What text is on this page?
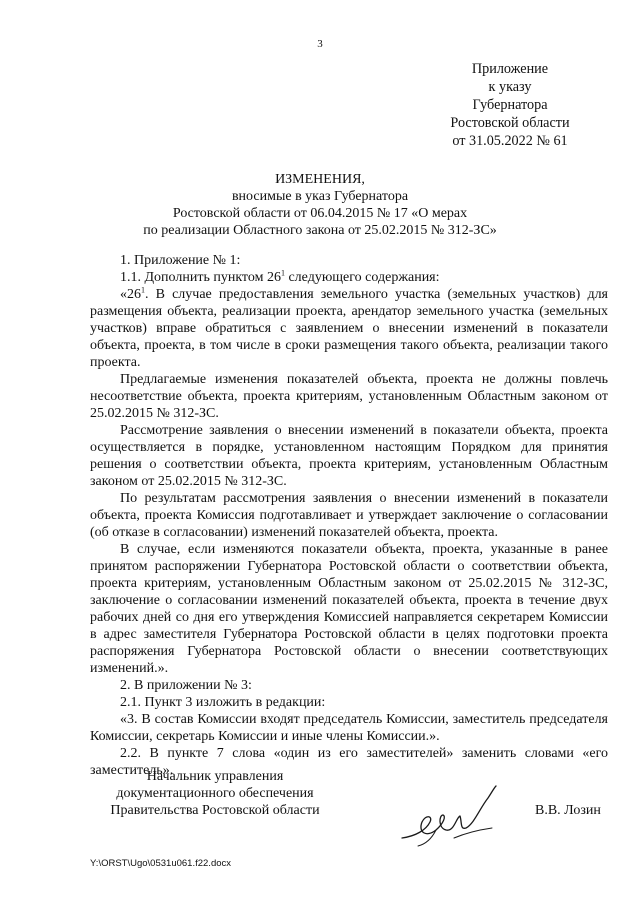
3
Приложение
к указу
Губернатора
Ростовской области
от 31.05.2022 № 61
ИЗМЕНЕНИЯ,
вносимые в указ Губернатора
Ростовской области от 06.04.2015 № 17 «О мерах
по реализации Областного закона от 25.02.2015 № 312-ЗС»

1. Приложение № 1:

1.1. Дополнить пунктом $26^1$ следующего содержания:

«$26^1$. В случае предоставления земельного участка (земельных участков) для размещения объекта, реализации проекта, арендатор земельного участка (земельных участков) вправе обратиться с заявлением о внесении изменений в показатели объекта, проекта, в том числе в сроки размещения такого объекта, реализации такого проекта.

Предлагаемые изменения показателей объекта, проекта не должны повлечь несоответствие объекта, проекта критериям, установленным Областным законом от 25.02.2015 № 312-ЗС.

Рассмотрение заявления о внесении изменений в показатели объекта, проекта осуществляется в порядке, установленном настоящим Порядком для принятия решения о соответствии объекта, проекта критериям, установленным Областным законом от 25.02.2015 № 312-ЗС.

По результатам рассмотрения заявления о внесении изменений в показатели объекта, проекта Комиссия подготавливает и утверждает заключение о согласовании (об отказе в согласовании) изменений показателей объекта, проекта.

В случае, если изменяются показатели объекта, проекта, указанные в ранее принятом распоряжении Губернатора Ростовской области о соответствии объекта, проекта критериям, установленным Областным законом от 25.02.2015 № 312-ЗС, заключение о согласовании изменений показателей объекта, проекта в течение двух рабочих дней со дня его утверждения Комиссией направляется секретарем Комиссии в адрес заместителя Губернатора Ростовской области в целях подготовки проекта распоряжения Губернатора Ростовской области о внесении соответствующих изменений.».

2. В приложении № 3:

2.1. Пункт 3 изложить в редакции:

«3. В состав Комиссии входят председатель Комиссии, заместитель председателя Комиссии, секретарь Комиссии и иные члены Комиссии.».

2.2. В пункте 7 слова «один из его заместителей» заменить словами «его заместитель».

Начальник управления
документационного обеспечения
Правительства Ростовской области	В.В. Лозин
Y:\ORST\Ugo\0531u061.f22.docx
